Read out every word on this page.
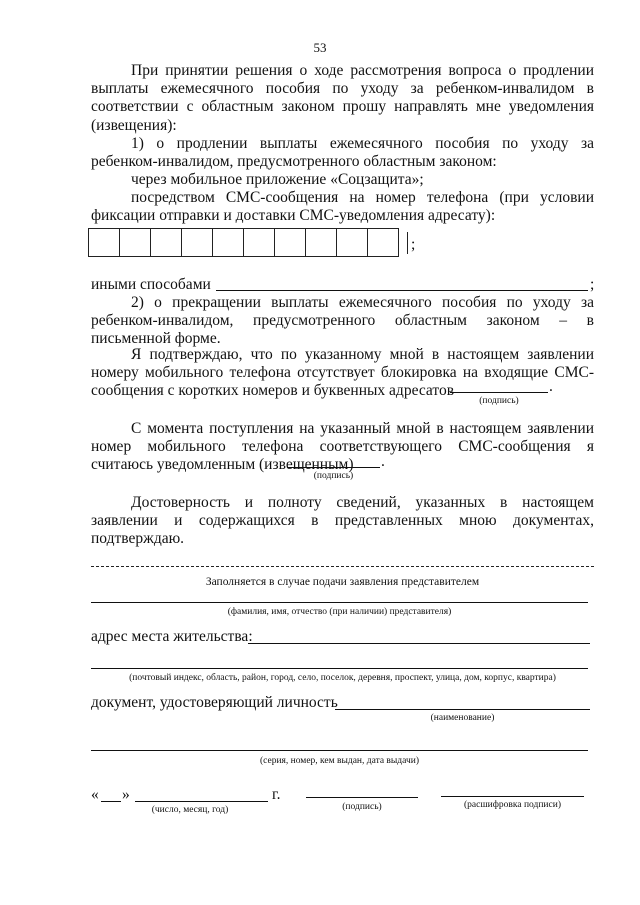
53
При принятии решения о ходе рассмотрения вопроса о продлении выплаты ежемесячного пособия по уходу за ребенком-инвалидом в соответствии с областным законом прошу направлять мне уведомления (извещения):
1) о продлении выплаты ежемесячного пособия по уходу за ребенком-инвалидом, предусмотренного областным законом:
через мобильное приложение «Соцзащита»;
посредством СМС-сообщения на номер телефона (при условии фиксации отправки и доставки СМС-уведомления адресату):
;
иными способами	;
2) о прекращении выплаты ежемесячного пособия по уходу за ребенком-инвалидом, предусмотренного областным законом – в письменной форме.
Я подтверждаю, что по указанному мной в настоящем заявлении номеру мобильного телефона отсутствует блокировка на входящие СМС-сообщения с коротких номеров и буквенных адресатов	.
(подпись)
С момента поступления на указанный мной в настоящем заявлении номер мобильного телефона соответствующего СМС-сообщения я считаюсь уведомленным (извещенным)	.
(подпись)
Достоверность и полноту сведений, указанных в настоящем заявлении и содержащихся в представленных мною документах, подтверждаю.
Заполняется в случае подачи заявления представителем
(фамилия, имя, отчество (при наличии) представителя)
адрес места жительства:
(почтовый индекс, область, район, город, село, поселок, деревня, проспект, улица, дом, корпус, квартира)
документ, удостоверяющий личность
(наименование)
(серия, номер, кем выдан, дата выдачи)
« »	г.
(число, месяц, год)	(подпись)	(расшифровка подписи)
